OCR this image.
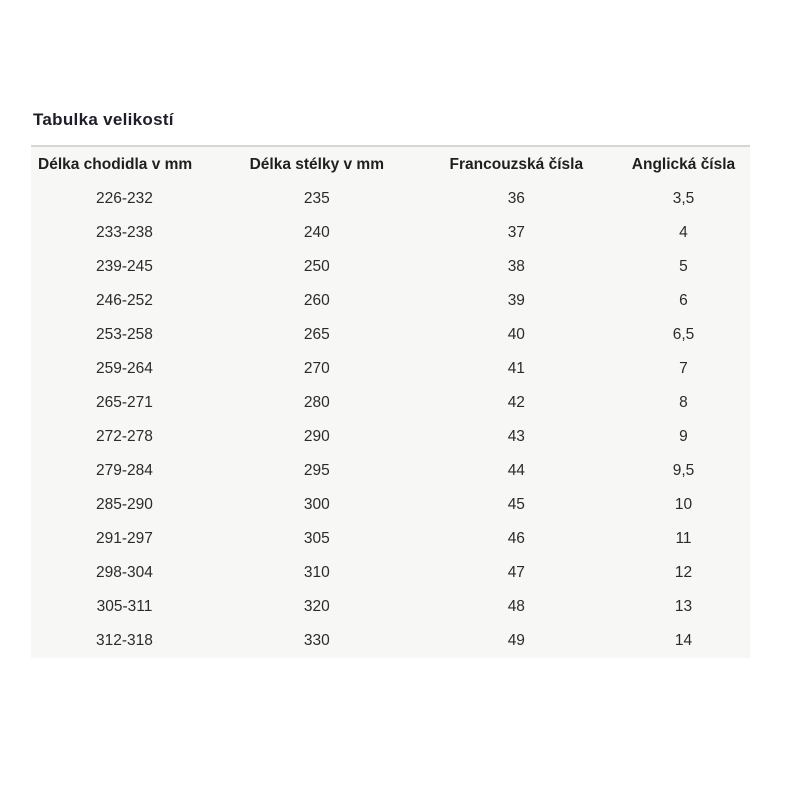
Tabulka velikostí
Délka chodidla v mm	Délka stélky v mm	Francouzská čísla	Anglická čísla
226-232	235	36	3,5
233-238	240	37	4
239-245	250	38	5
246-252	260	39	6
253-258	265	40	6,5
259-264	270	41	7
265-271	280	42	8
272-278	290	43	9
279-284	295	44	9,5
285-290	300	45	10
291-297	305	46	11
298-304	310	47	12
305-311	320	48	13
312-318	330	49	14
